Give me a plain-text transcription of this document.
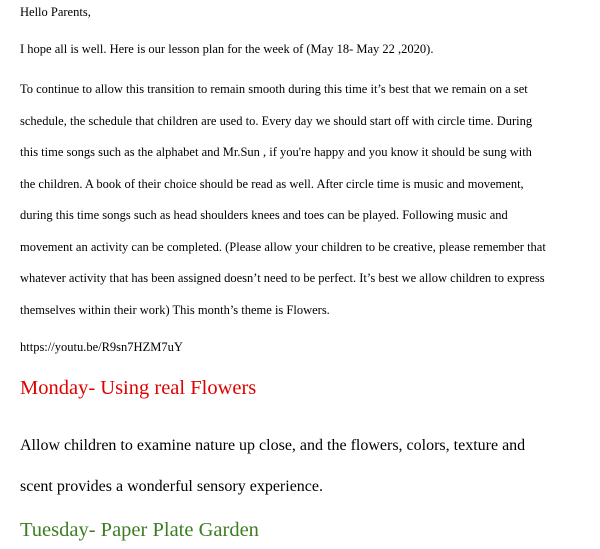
Hello Parents,

I hope all is well. Here is our lesson plan for the week of (May 18- May 22 ,2020).

To continue to allow this transition to remain smooth during this time it’s best that we remain on a set
schedule, the schedule that children are used to. Every day we should start off with circle time. During
this time songs such as the alphabet and Mr.Sun , if you're happy and you know it should be sung with
the children. A book of their choice should be read as well. After circle time is music and movement,
during this time songs such as head shoulders knees and toes can be played. Following music and
movement an activity can be completed. (Please allow your children to be creative, please remember that
whatever activity that has been assigned doesn’t need to be perfect. It’s best we allow children to express
themselves within their work) This month’s theme is Flowers.

https://youtu.be/R9sn7HZM7uY

Monday- Using real Flowers
Allow children to examine nature up close, and the flowers, colors, texture and
scent provides a wonderful sensory experience.
Tuesday- Paper Plate Garden
